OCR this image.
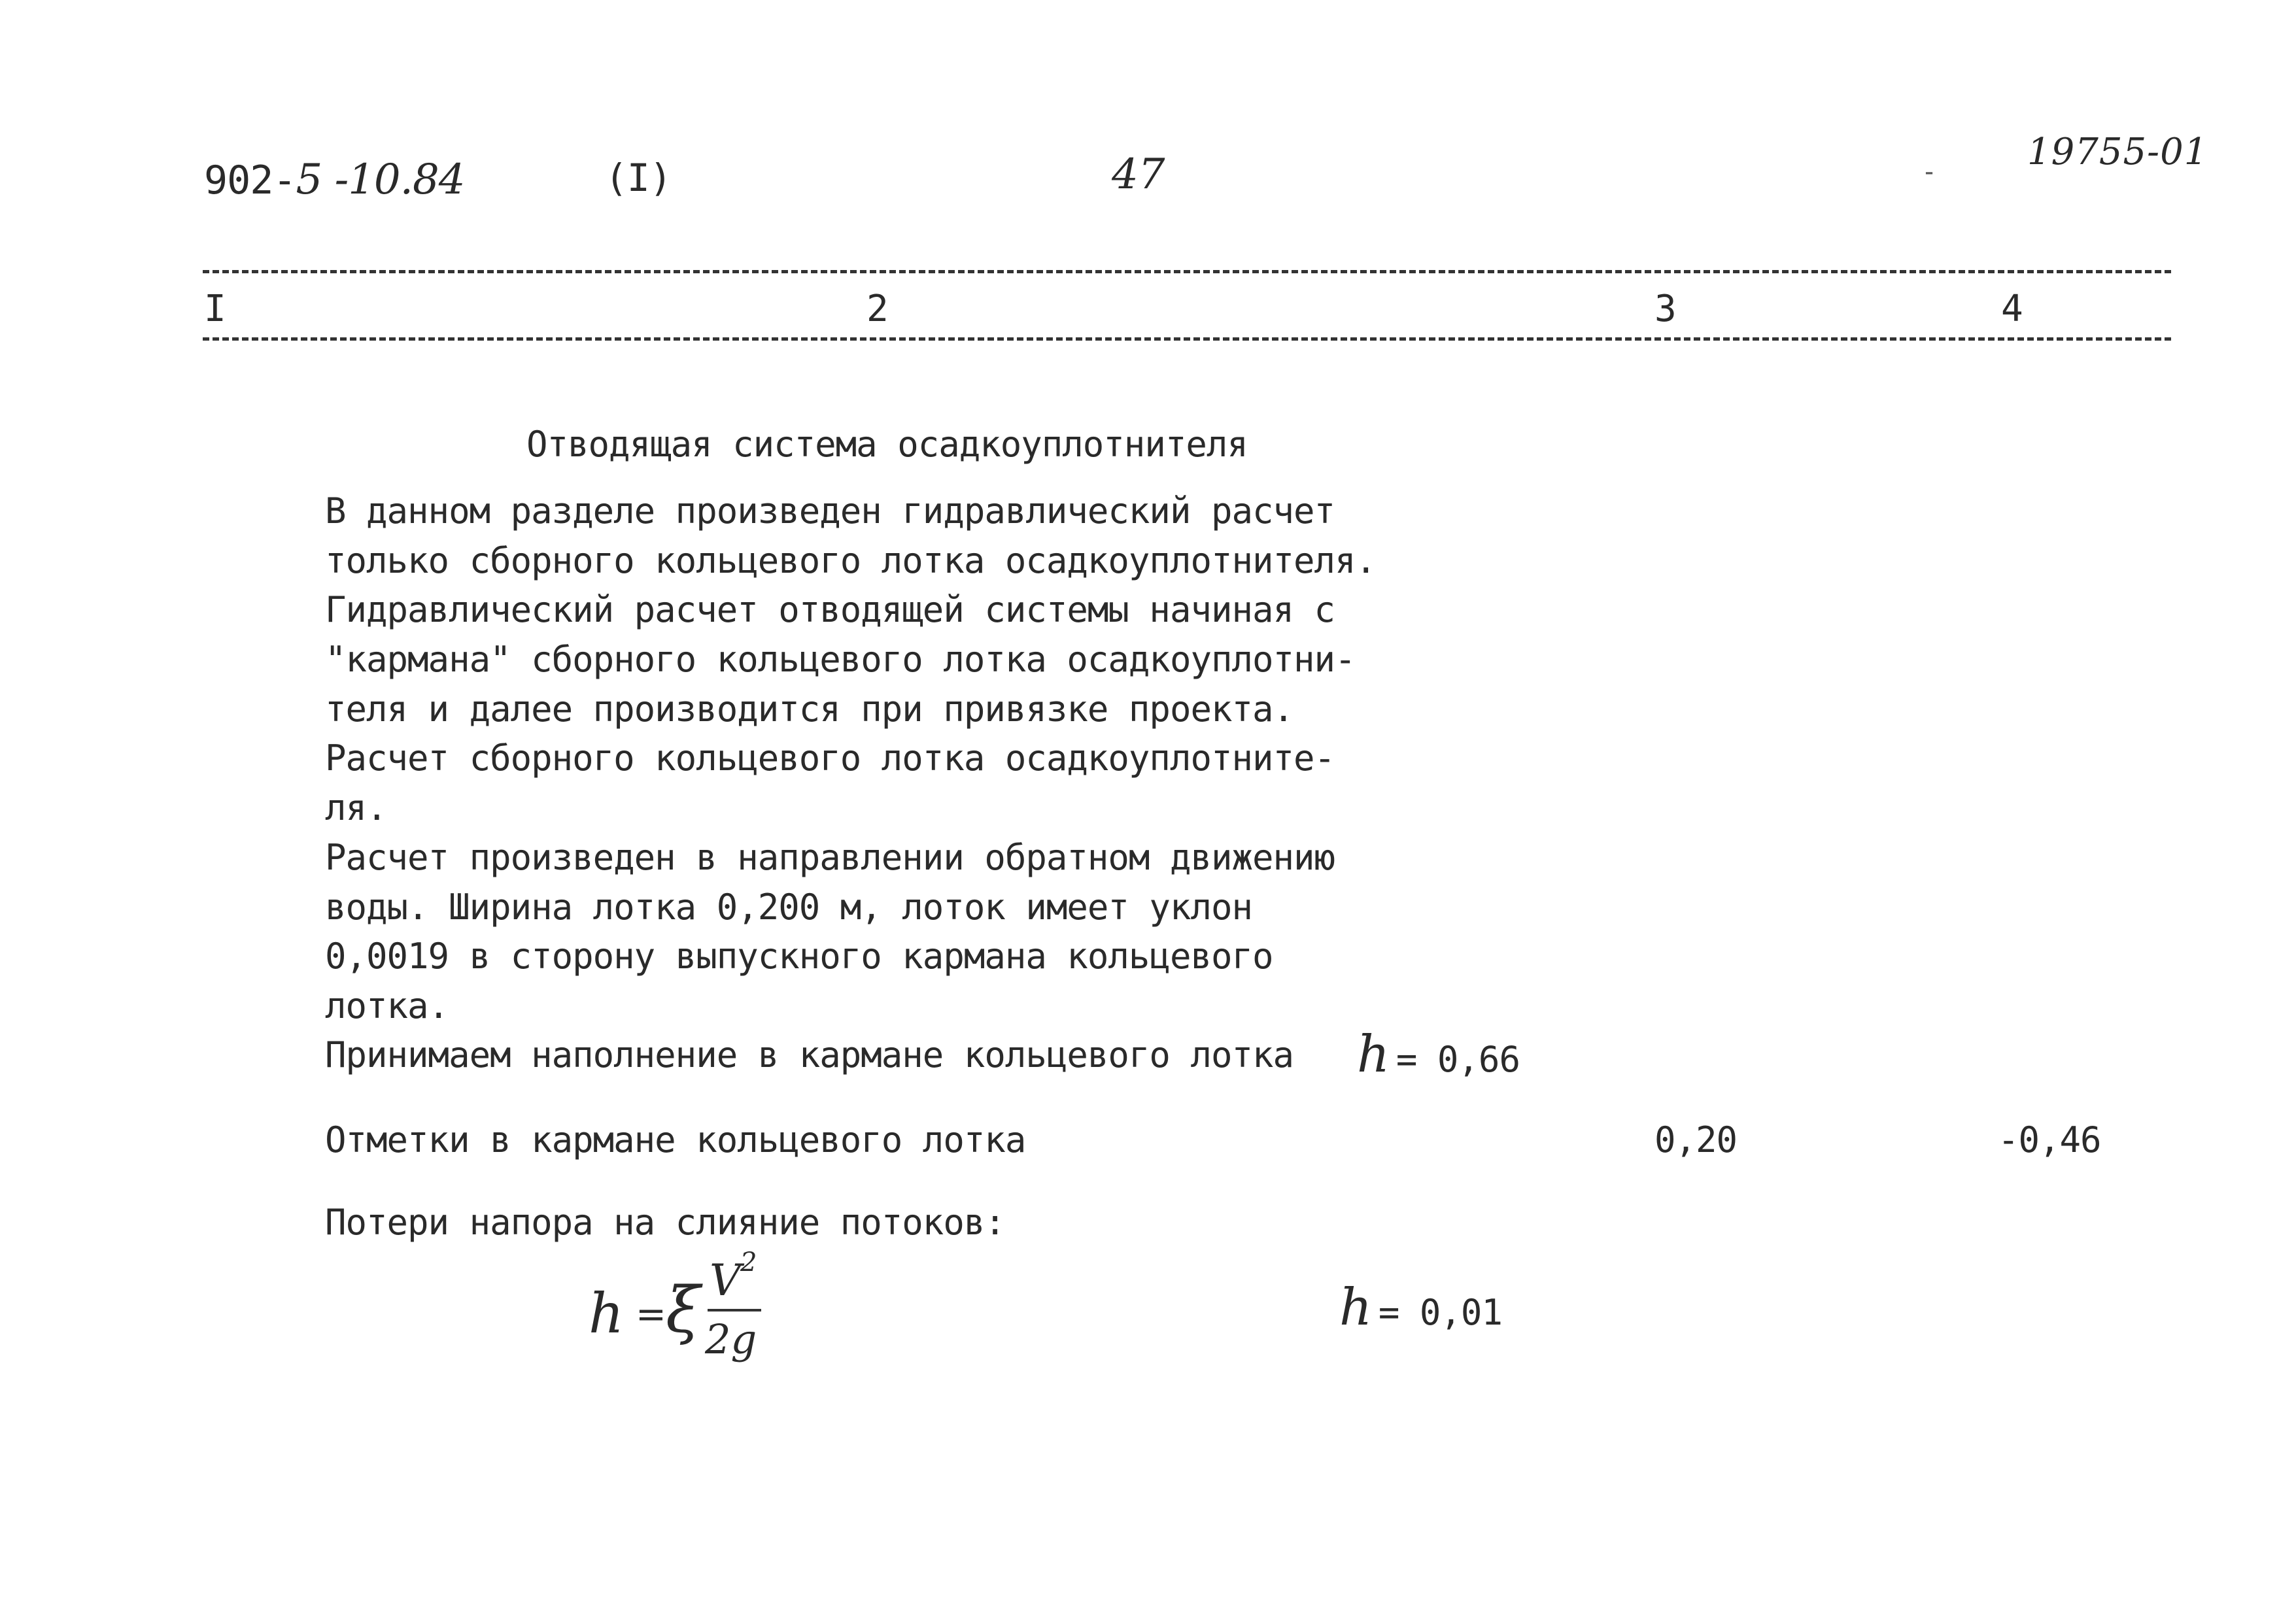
902-5 -10.84	(I)	47	- 19755-01
I	2	3	4
Отводящая система осадкоуплотнителя
В данном разделе произведен гидравлический расчет
только сборного кольцевого лотка осадкоуплотнителя.
Гидравлический расчет отводящей системы начиная с
"кармана" сборного кольцевого лотка осадкоуплотни-
теля и далее производится при привязке проекта.
Расчет сборного кольцевого лотка осадкоуплотните-
ля.
Расчет произведен в направлении обратном движению
воды. Ширина лотка 0,200 м, лоток имеет уклон
0,0019 в сторону выпускного кармана кольцевого
лотка.
Принимаем наполнение в кармане кольцевого лотка h = 0,66
Отметки в кармане кольцевого лотка	0,20	-0,46
Потери напора на слияние потоков:
h = ξ V 2
2g
h = 0,01
